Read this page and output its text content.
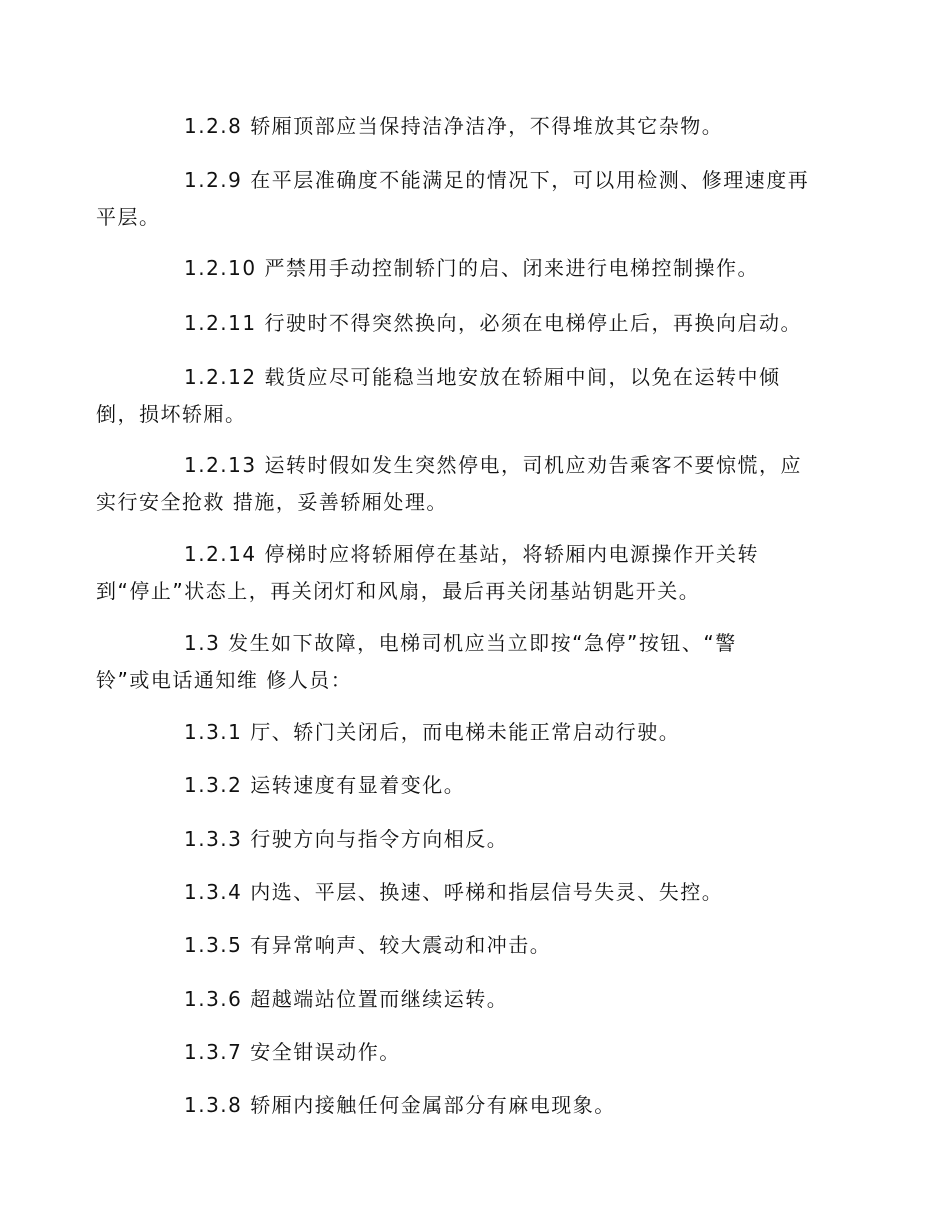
1.2.8 轿厢顶部应当保持洁净洁净，不得堆放其它杂物。

1.2.9 在平层准确度不能满足的情况下，可以用检测、修理速度再
平层。

1.2.10 严禁用手动控制轿门的启、闭来进行电梯控制操作。

1.2.11 行驶时不得突然换向，必须在电梯停止后，再换向启动。

1.2.12 载货应尽可能稳当地安放在轿厢中间，以免在运转中倾
倒，损坏轿厢。

1.2.13 运转时假如发生突然停电，司机应劝告乘客不要惊慌，应
实行安全抢救 措施，妥善轿厢处理。

1.2.14 停梯时应将轿厢停在基站，将轿厢内电源操作开关转
到“停止”状态上，再关闭灯和风扇，最后再关闭基站钥匙开关。

1.3 发生如下故障，电梯司机应当立即按“急停”按钮、“警
铃”或电话通知维 修人员：

1.3.1 厅、轿门关闭后，而电梯未能正常启动行驶。

1.3.2 运转速度有显着变化。

1.3.3 行驶方向与指令方向相反。

1.3.4 内选、平层、换速、呼梯和指层信号失灵、失控。

1.3.5 有异常响声、较大震动和冲击。

1.3.6 超越端站位置而继续运转。

1.3.7 安全钳误动作。

1.3.8 轿厢内接触任何金属部分有麻电现象。
